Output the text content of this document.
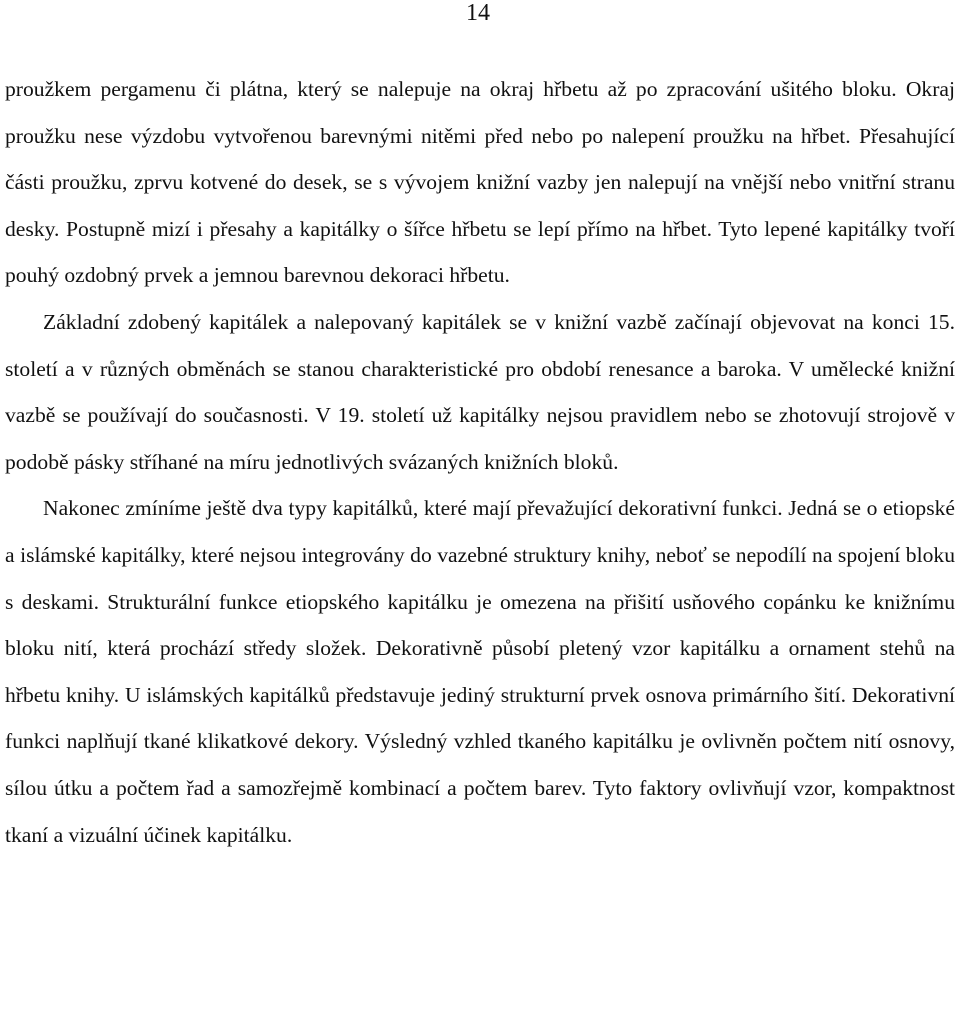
14

proužkem pergamenu či plátna, který se nalepuje na okraj hřbetu až po zpracování ušitého bloku. Okraj proužku nese výzdobu vytvořenou barevnými nitěmi před nebo po nalepení proužku na hřbet. Přesahující části proužku, zprvu kotvené do desek, se s vývojem knižní vazby jen nalepují na vnější nebo vnitřní stranu desky. Postupně mizí i přesahy a kapitálky o šířce hřbetu se lepí přímo na hřbet. Tyto lepené kapitálky tvoří pouhý ozdobný prvek a jemnou barevnou dekoraci hřbetu.

Základní zdobený kapitálek a nalepovaný kapitálek se v knižní vazbě začínají objevovat na konci 15. století a v různých obměnách se stanou charakteristické pro období renesance a baroka. V umělecké knižní vazbě se používají do současnosti. V 19. století už kapitálky nejsou pravidlem nebo se zhotovují strojově v podobě pásky stříhané na míru jednotlivých svázaných knižních bloků.

Nakonec zmíníme ještě dva typy kapitálků, které mají převažující dekorativní funkci. Jedná se o etiopské a islámské kapitálky, které nejsou integrovány do vazebné struktury knihy, neboť se nepodílí na spojení bloku s deskami. Strukturální funkce etiopského kapitálku je omezena na přišití usňového copánku ke knižnímu bloku nití, která prochází středy složek. Dekorativně působí pletený vzor kapitálku a ornament stehů na hřbetu knihy. U islámských kapitálků představuje jediný strukturní prvek osnova primárního šití. Dekorativní funkci naplňují tkané klikatkové dekory. Výsledný vzhled tkaného kapitálku je ovlivněn počtem nití osnovy, sílou útku a počtem řad a samozřejmě kombinací a počtem barev. Tyto faktory ovlivňují vzor, kompaktnost tkaní a vizuální účinek kapitálku.
